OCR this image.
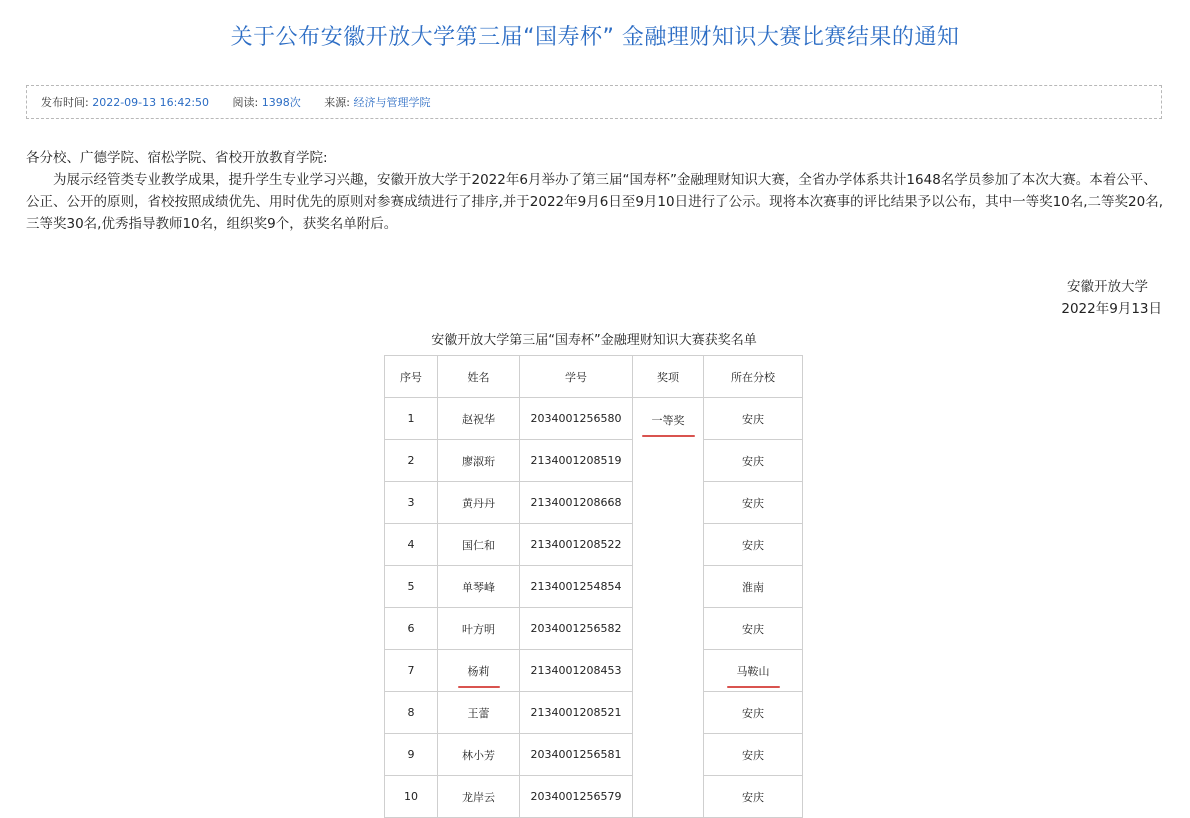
关于公布安徽开放大学第三届“国寿杯” 金融理财知识大赛比赛结果的通知
发布时间: 2022-09-13 16:42:50 阅读: 1398次 来源: 经济与管理学院

各分校、广德学院、宿松学院、省校开放教育学院:

为展示经管类专业教学成果，提升学生专业学习兴趣，安徽开放大学于2022年6月举办了第三届“国寿杯”金融理财知识大赛，全省办学体系共计1648名学员参加了本次大赛。本着公平、公正、公开的原则，省校按照成绩优先、用时优先的原则对参赛成绩进行了排序,并于2022年9月6日至9月10日进行了公示。现将本次赛事的评比结果予以公布，其中一等奖10名,二等奖20名,三等奖30名,优秀指导教师10名，组织奖9个，获奖名单附后。

安徽开放大学
2022年9月13日
安徽开放大学第三届“国寿杯”金融理财知识大赛获奖名单
序号	姓名	学号	奖项	所在分校
1	赵祝华	2034001256580	一等奖	安庆
2	廖淑珩	2134001208519		安庆
3	黄丹丹	2134001208668		安庆
4	国仁和	2134001208522		安庆
5	单琴峰	2134001254854		淮南
6	叶方明	2034001256582		安庆
7	杨莉	2134001208453		马鞍山
8	王蕾	2134001208521		安庆
9	林小芳	2034001256581		安庆
10	龙岸云	2034001256579		安庆
